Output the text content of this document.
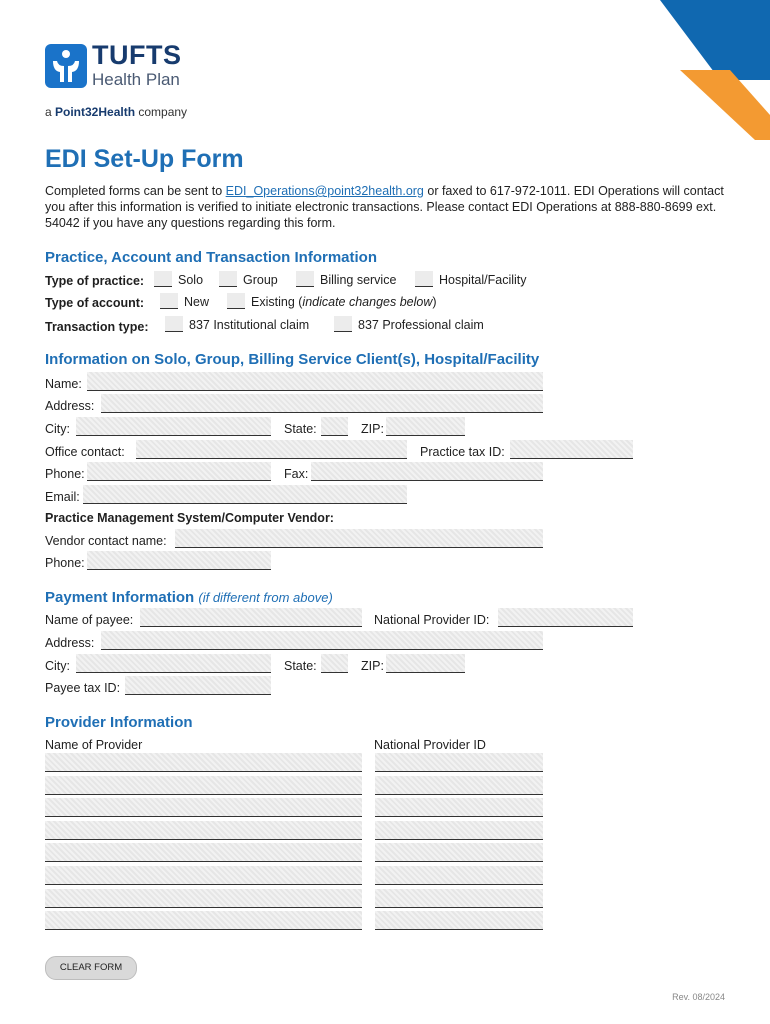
TUFTS
Health Plan
a Point32Health company
EDI Set-Up Form
Completed forms can be sent to EDI_Operations@point32health.org or faxed to 617-972-1011. EDI Operations will contact you after this information is verified to initiate electronic transactions. Please contact EDI Operations at 888-880-8699 ext. 54042 if you have any questions regarding this form.
Practice, Account and Transaction Information
Type of practice:	Solo	Group	Billing service	Hospital/Facility
Type of account:	New	Existing ( indicate changes below )
Transaction type:	837 Institutional claim	837 Professional claim
Information on Solo, Group, Billing Service Client(s), Hospital/Facility
Name:
Address:
City:	State:	ZIP:
Office contact:	Practice tax ID:
Phone:	Fax:
Email:
Practice Management System/Computer Vendor:
Vendor contact name:
Phone:
Payment Information (if different from above)
Name of payee:	National Provider ID:
Address:
City:	State:	ZIP:
Payee tax ID:
Provider Information
Name of Provider	National Provider ID
CLEAR FORM
Rev. 08/2024
